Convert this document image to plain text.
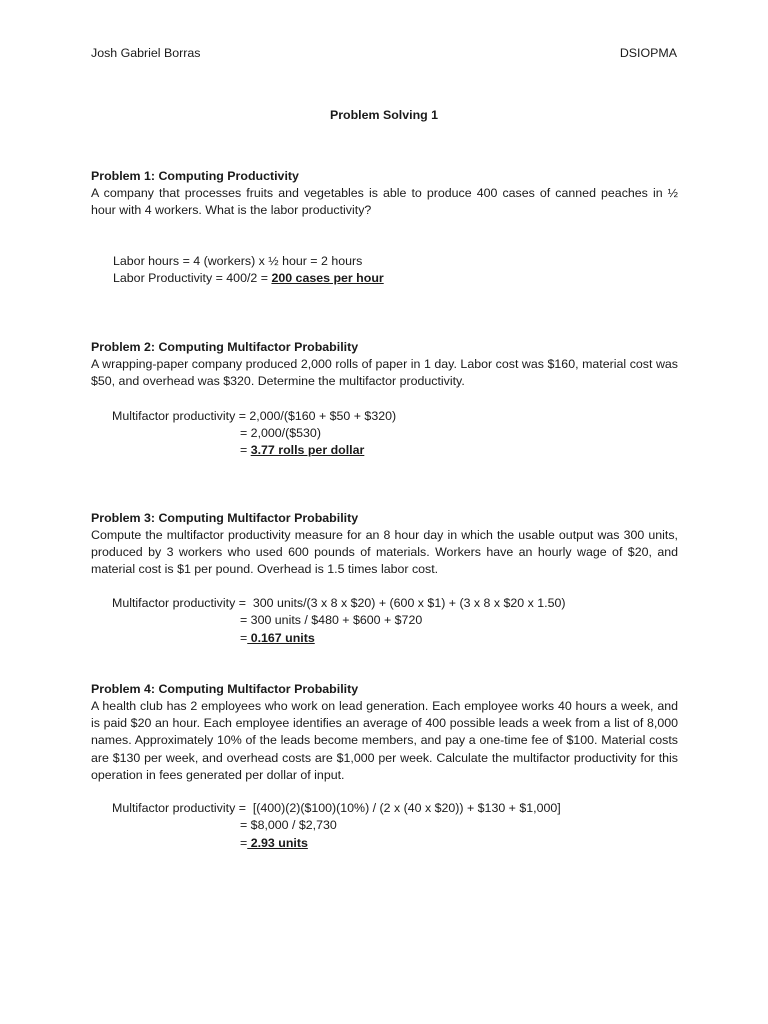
Josh Gabriel Borras	DSIOPMA
Problem Solving 1
Problem 1: Computing Productivity
A company that processes fruits and vegetables is able to produce 400 cases of canned peaches in ½ hour with 4 workers. What is the labor productivity?
Labor hours = 4 (workers) x ½ hour = 2 hours
Labor Productivity = 400/2 = 200 cases per hour
Problem 2: Computing Multifactor Probability
A wrapping-paper company produced 2,000 rolls of paper in 1 day. Labor cost was $160, material cost was $50, and overhead was $320. Determine the multifactor productivity.
Multifactor productivity = 2,000/($160 + $50 + $320)
= 2,000/($530)
= 3.77 rolls per dollar
Problem 3: Computing Multifactor Probability
Compute the multifactor productivity measure for an 8 hour day in which the usable output was 300 units, produced by 3 workers who used 600 pounds of materials. Workers have an hourly wage of $20, and material cost is $1 per pound. Overhead is 1.5 times labor cost.
Multifactor productivity =  300 units/(3 x 8 x $20) + (600 x $1) + (3 x 8 x $20 x 1.50)
= 300 units / $480 + $600 + $720
= 0.167 units
Problem 4: Computing Multifactor Probability
A health club has 2 employees who work on lead generation. Each employee works 40 hours a week, and is paid $20 an hour. Each employee identifies an average of 400 possible leads a week from a list of 8,000 names. Approximately 10% of the leads become members, and pay a one-time fee of $100. Material costs are $130 per week, and overhead costs are $1,000 per week. Calculate the multifactor productivity for this operation in fees generated per dollar of input.
Multifactor productivity =  [(400)(2)($100)(10%) / (2 x (40 x $20)) + $130 + $1,000]
= $8,000 / $2,730
= 2.93 units
